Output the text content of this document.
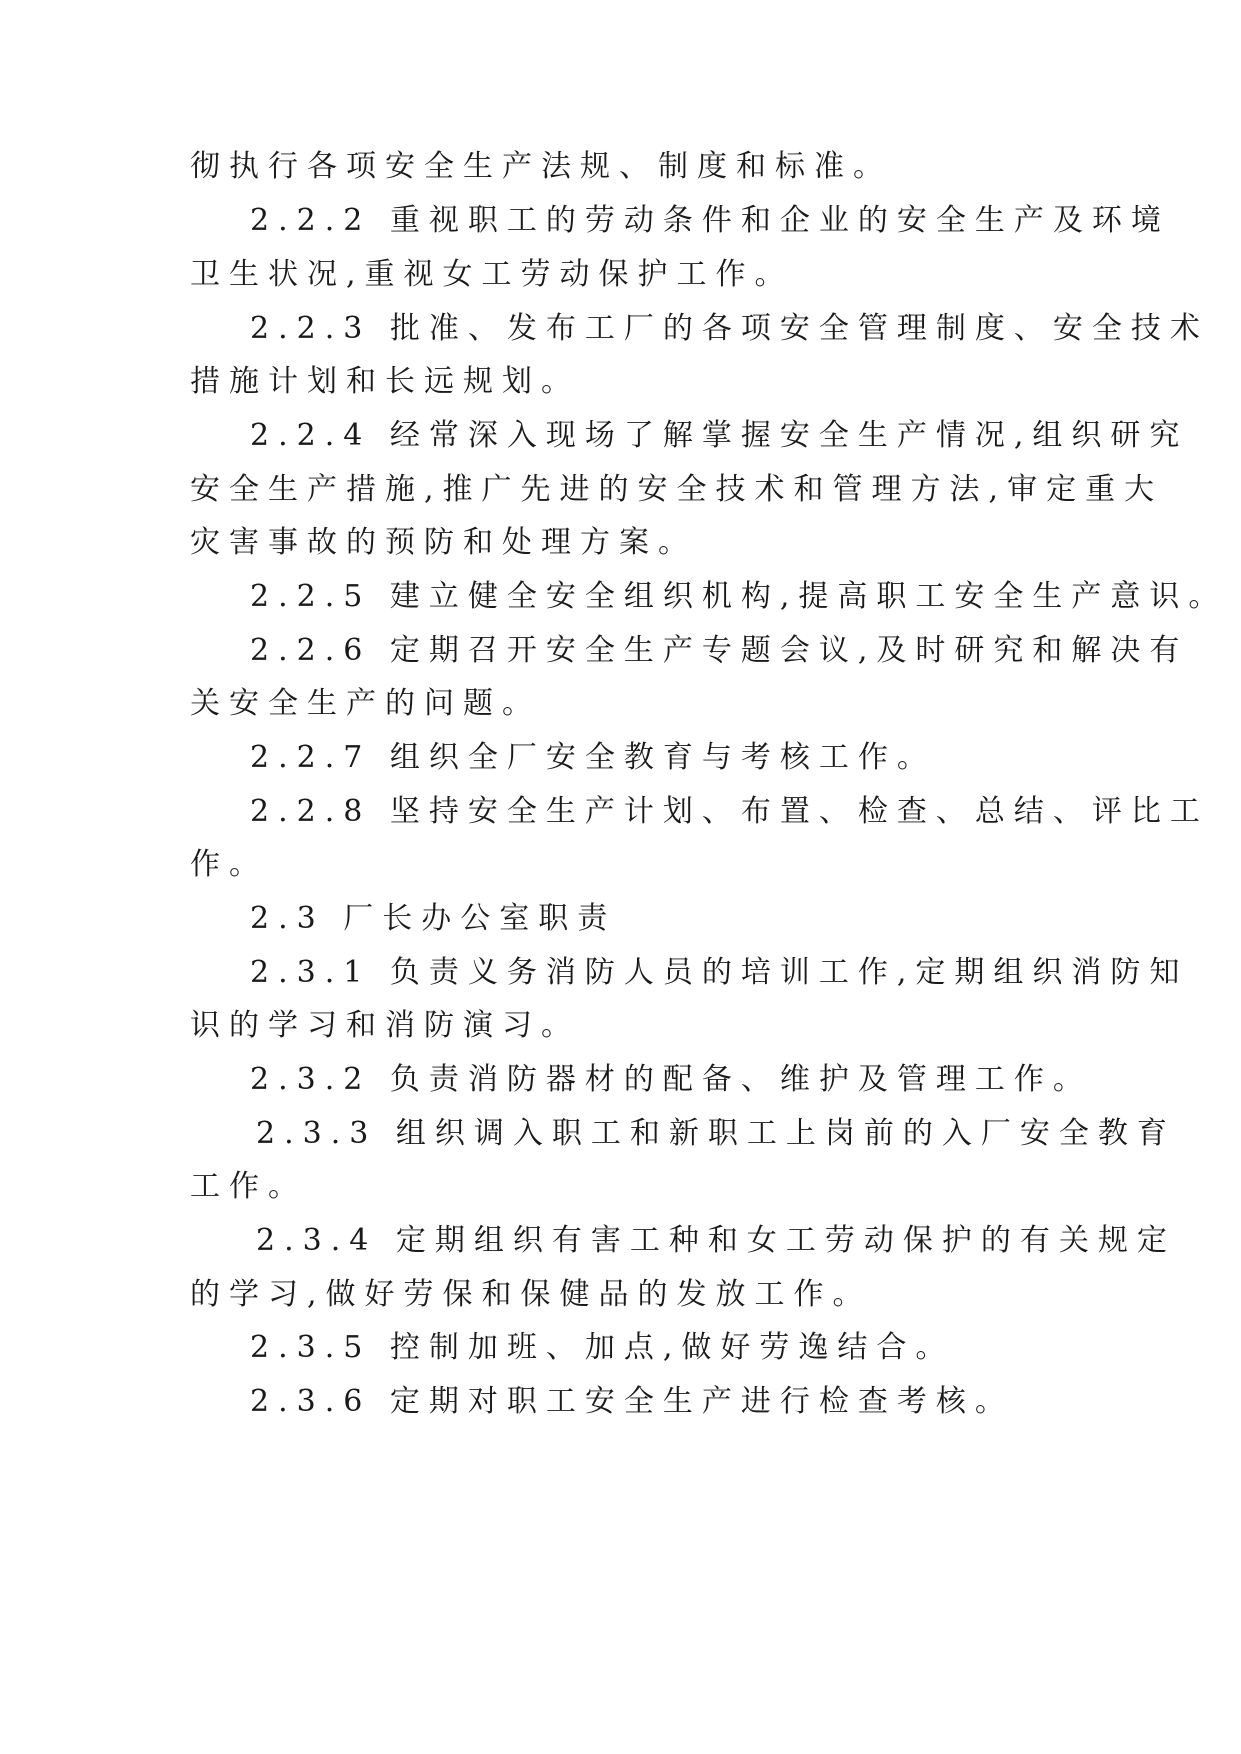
彻执行各项安全生产法规、制度和标准。
2.2.2 重视职工的劳动条件和企业的安全生产及环境
卫生状况,重视女工劳动保护工作。
2.2.3 批准、发布工厂的各项安全管理制度、安全技术
措施计划和长远规划。
2.2.4 经常深入现场了解掌握安全生产情况,组织研究
安全生产措施,推广先进的安全技术和管理方法,审定重大
灾害事故的预防和处理方案。
2.2.5 建立健全安全组织机构,提高职工安全生产意识。
2.2.6 定期召开安全生产专题会议,及时研究和解决有
关安全生产的问题。
2.2.7 组织全厂安全教育与考核工作。
2.2.8 坚持安全生产计划、布置、检查、总结、评比工
作。
2.3 厂长办公室职责
2.3.1 负责义务消防人员的培训工作,定期组织消防知
识的学习和消防演习。
2.3.2 负责消防器材的配备、维护及管理工作。
2.3.3 组织调入职工和新职工上岗前的入厂安全教育
工作。
2.3.4 定期组织有害工种和女工劳动保护的有关规定
的学习,做好劳保和保健品的发放工作。
2.3.5 控制加班、加点,做好劳逸结合。
2.3.6 定期对职工安全生产进行检查考核。
